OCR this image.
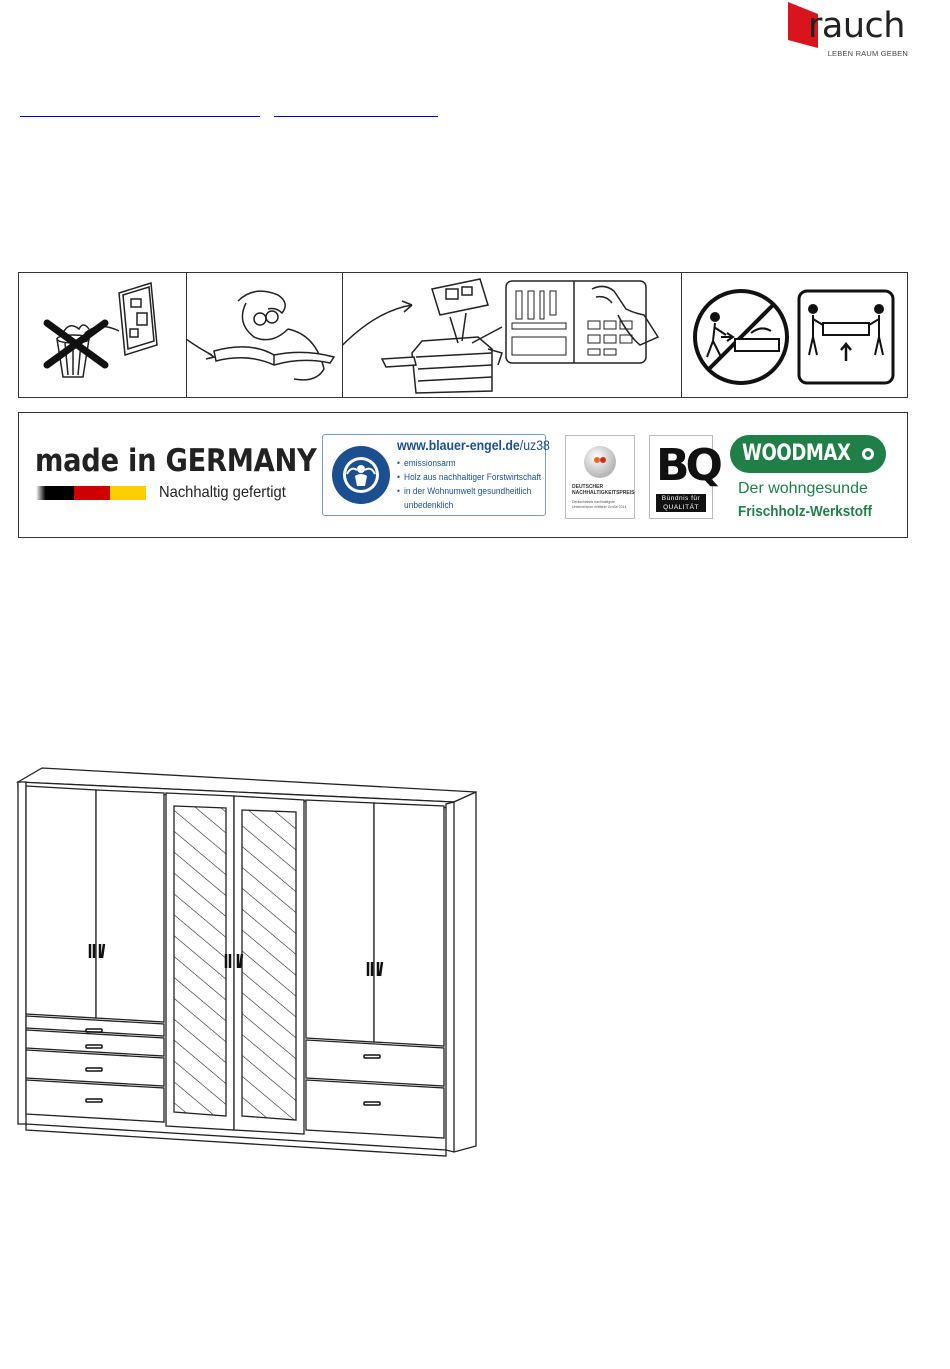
rauch
LEBEN RAUM GEBEN
made in GERMANY
Nachhaltig gefertigt
www.blauer-engel.de/uz38
• emissionsarm
• Holz aus nachhaltiger Forstwirtschaft
• in der Wohnumwelt gesundheitlich
unbedenklich
DEUTSCHER
NACHHALTIGKEITSPREIS
Deutschlands nachhaltigste
Unternehmen mittlerer Größe 2014
BQ
Bündnis für
QUALITÄT
WOODMAX
Der wohngesunde
Frischholz-Werkstoff
